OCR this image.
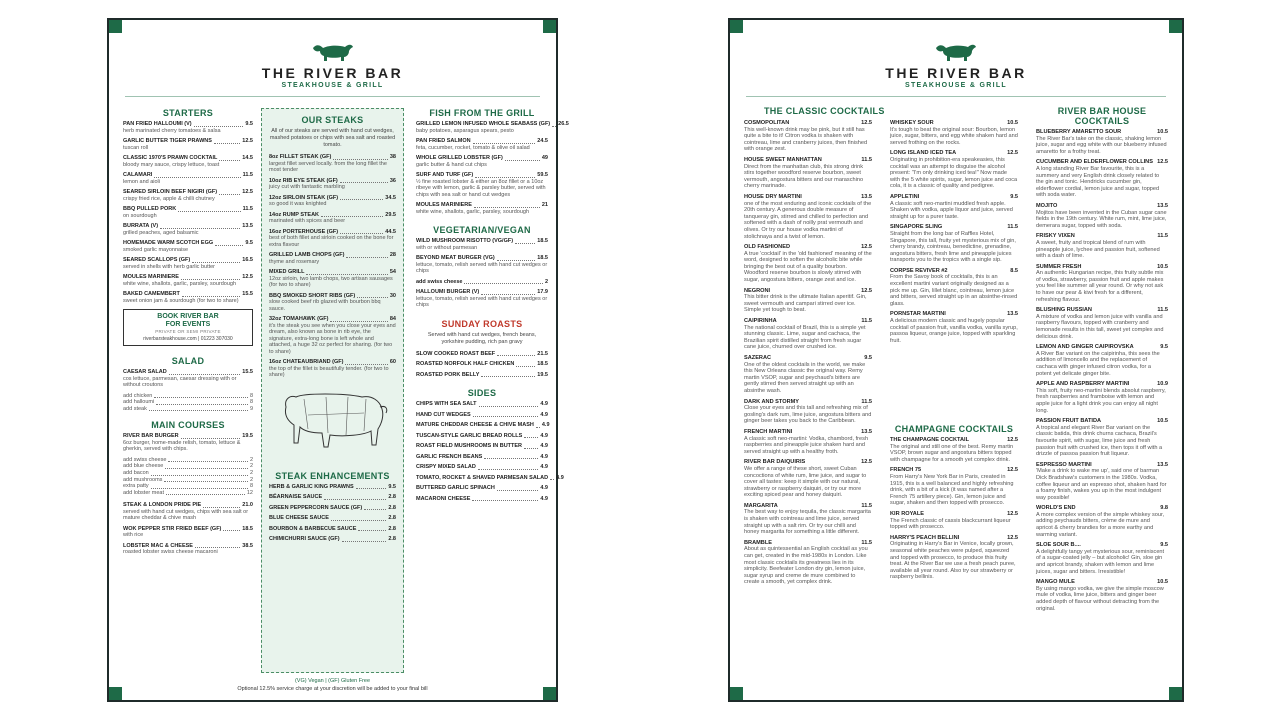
THE RIVER BAR
STEAKHOUSE & GRILL
STARTERS
PAN FRIED HALLOUMI (V)	9.5
herb marinated cherry tomatoes & salsa
GARLIC BUTTER TIGER PRAWNS	12.5
tuscan roll
CLASSIC 1970'S PRAWN COCKTAIL	14.5
bloody mary sauce, crispy lettuce, toast
CALAMARI	11.5
lemon and aioli
SEARED SIRLOIN BEEF NIGIRI (GF)	12.5
crispy fried rice, apple & chilli chutney
BBQ PULLED PORK	11.5
on sourdough
BURRATA (V)	13.5
grilled peaches, aged balsamic
HOMEMADE WARM SCOTCH EGG	9.5
smoked garlic mayonnaise
SEARED SCALLOPS (GF)	16.5
served in shells with herb garlic butter
MOULES MARINIERE	12.5
white wine, shallots, garlic, parsley, sourdough
BAKED CAMEMBERT	15.5
sweet onion jam & sourdough (for two to share)
BOOK RIVER BAR
FOR EVENTS
PRIVATE OR SEMI PRIVATE
riverbarsteakhouse.com | 01223 307030
SALAD
CAESAR SALAD	15.5
cos lettuce, parmesan, caesar dressing with or without croutons
add chicken	8
add halloumi	8
add steak	9
MAIN COURSES
RIVER BAR BURGER	19.5
6oz burger, home-made relish, tomato, lettuce & gherkin, served with chips.
add swiss cheese	2
add blue cheese	2
add bacon	2
add mushrooms	2
extra patty	8
add lobster meat	12
STEAK & LONDON PRIDE PIE	21.0
served with hand cut wedges, chips with sea salt or mature cheddar & chive mash
WOK PEPPER STIR FRIED BEEF (GF)	18.5
with rice
LOBSTER MAC & CHEESE	38.5
roasted lobster swiss cheese macaroni
OUR STEAKS
All of our steaks are served with hand cut wedges, mashed potatoes or chips with sea salt and roasted tomato.
8oz FILLET STEAK (GF)	38
largest fillet served locally. from the long fillet the most tender
10oz RIB EYE STEAK (GF)	36
juicy cut with fantastic marbling
12oz SIRLOIN STEAK (GF)	34.5
so good it was knighted
14oz RUMP STEAK	29.5
marinated with spices and beer
16oz PORTERHOUSE (GF)	44.5
best of both fillet and sirloin cooked on the bone for extra flavour
GRILLED LAMB CHOPS (GF)	28
thyme and rosemary
MIXED GRILL	54
12oz sirloin, two lamb chops, two artisan sausages (for two to share)
BBQ SMOKED SHORT RIBS (GF)	30
slow cooked beef rib glazed with bourbon bbq sauce.
32oz TOMAHAWK (GF)	84
it's the steak you see when you close your eyes and dream, also known as bone in rib eye, the signature, extra-long bone is left whole and attached, a huge 32 oz perfect for sharing. (for two to share)
16oz CHATEAUBRIAND (GF)	60
the top of the fillet is beautifully tender. (for two to share)
STEAK ENHANCEMENTS
HERB & GARLIC KING PRAWNS	9.5
BÉARNAISE SAUCE	2.8
GREEN PEPPERCORN SAUCE (GF)	2.8
BLUE CHEESE SAUCE	2.8
BOURBON & BARBECUE SAUCE	2.8
CHIMICHURRI SAUCE (GF)	2.8
FISH FROM THE GRILL
GRILLED LEMON INFUSED WHOLE SEABASS (GF) 26.5
baby potatoes, asparagus spears, pesto
PAN FRIED SALMON	24.5
feta, cucumber, rocket, tomato & olive oil salad
WHOLE GRILLED LOBSTER (GF)	49
garlic butter & hand cut chips
SURF AND TURF (GF)	59.5
½ fine roasted lobster & either an 8oz fillet or a 10oz ribeye with lemon, garlic & parsley butter, served with chips with sea salt or hand cut wedges
MOULES MARINIERE	21
white wine, shallots, garlic, parsley, sourdough
VEGETARIAN/VEGAN
WILD MUSHROOM RISOTTO (VG/GF)	18.5
with or without parmesan
BEYOND MEAT BURGER (VG)	18.5
lettuce, tomato, relish served with hand cut wedges or chips
add swiss cheese	2
HALLOUMI BURGER (V)	17.9
lettuce, tomato, relish served with hand cut wedges or chips
SUNDAY ROASTS
Served with hand cut wedges, french beans, yorkshire pudding, rich pan gravy
SLOW COOKED ROAST BEEF	21.5
ROASTED NORFOLK HALF CHICKEN	18.5
ROASTED PORK BELLY	19.5
SIDES
CHIPS WITH SEA SALT	4.9
HAND CUT WEDGES	4.9
MATURE CHEDDAR CHEESE & CHIVE MASH 4.9
TUSCAN-STYLE GARLIC BREAD ROLLS	4.9
ROAST FIELD MUSHROOMS IN BUTTER	4.9
GARLIC FRENCH BEANS	4.9
CRISPY MIXED SALAD	4.9
TOMATO, ROCKET & SHAVED PARMESAN SALAD 4.9
BUTTERED GARLIC SPINACH	4.9
MACARONI CHEESE	4.9
(VG) Vegan | (GF) Gluten Free
Optional 12.5% service charge at your discretion will be added to your final bill
THE RIVER BAR
STEAKHOUSE & GRILL
THE CLASSIC COCKTAILS
COSMOPOLITAN	12.5
This well-known drink may be pink, but it still has quite a bite to it! Citron vodka is shaken with cointreau, lime and cranberry juices, then finished with orange zest.
HOUSE SWEET MANHATTAN	11.5
Direct from the manhattan club, this strong drink stirs together woodford reserve bourbon, sweet vermouth, angostura bitters and our maraschino cherry marinade.
HOUSE DRY MARTINI	13.5
one of the most enduring and iconic cocktails of the 20th century. A generous double measure of tanqueray gin, stirred and chilled to perfection and softened with a dash of noilly prat vermouth and olives. Or try our house vodka martini of stolichnaya and a twist of lemon.
OLD FASHIONED	12.5
A true 'cocktail' in the 'old fashioned' meaning of the word, designed to soften the alcoholic bite while bringing the best out of a quality bourbon. Woodford reserve bourbon is slowly stirred with sugar, angostura bitters, orange zest and ice.
NEGRONI	12.5
This bitter drink is the ultimate Italian aperitif. Gin, sweet vermouth and campari stirred over ice. Simple yet tough to beat.
CAIPIRINHA	11.5
The national cocktail of Brazil, this is a simple yet stunning classic. Lime, sugar and cachaca, the Brazilian spirit distilled straight from fresh sugar cane juice, churned over crushed ice.
SAZERAC	9.5
One of the oldest cocktails in the world, we make this New Orleans classic the original way. Remy martin VSOP, sugar and peychaud's bitters are gently stirred then served straight up with an absinthe wash.
DARK AND STORMY	11.5
Close your eyes and this tall and refreshing mix of gosling's dark rum, lime juice, angostura bitters and ginger beer takes you back to the Caribbean.
FRENCH MARTINI	13.5
A classic soft neo-martini: Vodka, chambord, fresh raspberries and pineapple juice shaken hard and served straight up with a healthy froth.
RIVER BAR DAIQUIRIS	12.5
We offer a range of these short, sweet Cuban concoctions of white rum, lime juice, and sugar to cover all tastes: keep it simple with our natural, strawberry or raspberry daiquiri, or try our more exciting spiced pear and honey daiquiri.
MARGARITA	11.5
The best way to enjoy tequila, the classic margarita is shaken with cointreau and lime juice, served straight up with a salt rim. Or try our chilli and honey margarita for something a little different.
BRAMBLE	11.5
About as quintessential an English cocktail as you can get, created in the mid-1980s in London. Like most classic cocktails its greatness lies in its simplicity. Beefeater London dry gin, lemon juice, sugar syrup and creme de mure combined to create a smooth, yet complex drink.
WHISKEY SOUR	10.5
It's tough to beat the original sour: Bourbon, lemon juice, sugar, bitters, and egg white shaken hard and served frothing on the rocks.
LONG ISLAND ICED TEA	12.5
Originating in prohibition-era speakeasies, this cocktail was an attempt to disguise the alcohol present: "I'm only drinking iced tea!" Now made with the 5 white spirits, sugar, lemon juice and coca cola, it is a classic of quality and pedigree.
APPLETINI	9.5
A classic soft neo-martini muddled fresh apple. Shaken with vodka, apple liquor and juice, served straight up for a purer taste.
SINGAPORE SLING	11.5
Straight from the long bar of Raffles Hotel, Singapore, this tall, fruity yet mysterious mix of gin, cherry brandy, cointreau, benedictine, grenadine, angostura bitters, fresh lime and pineapple juices transports you to the tropics with a single sip.
CORPSE REVIVER #2	8.5
From the Savoy book of cocktails, this is an excellent martini variant originally designed as a pick me up. Gin, lillet blanc, cointreau, lemon juice and bitters, served straight up in an absinthe-rinsed glass.
PORNSTAR MARTINI	13.5
A delicious modern classic and hugely popular cocktail of passion fruit, vanilla vodka, vanilla syrup, passoa liqueur, orange juice, topped with sparkling fruit.
CHAMPAGNE COCKTAILS
THE CHAMPAGNE COCKTAIL	12.5
The original and still one of the best. Remy martin VSOP, brown sugar and angostura bitters topped with champagne for a smooth yet complex drink.
FRENCH 75	12.5
From Harry's New York Bar in Paris, created in 1915, this is a well balanced and highly refreshing drink, with a bit of a kick (it was named after a French 75 artillery piece). Gin, lemon juice and sugar, shaken and then topped with prosecco.
KIR ROYALE	12.5
The French classic of cassis blackcurrant liqueur topped with prosecco.
HARRY'S PEACH BELLINI	12.5
Originating in Harry's Bar in Venice, locally grown, seasonal white peaches were pulped, squeezed and topped with prosecco, to produce this fruity treat. At the River Bar we use a fresh peach puree, available all year round. Also try our strawberry or raspberry bellinis.
RIVER BAR HOUSE COCKTAILS
BLUEBERRY AMARETTO SOUR	10.5
The River Bar's take on the classic, shaking lemon juice, sugar and egg white with our blueberry infused amaretto for a frothy treat.
CUCUMBER AND ELDERFLOWER COLLINS 12.5
A long standing River Bar favourite, this is a summery and very English drink closely related to the gin and tonic. Hendricks cucumber gin, elderflower cordial, lemon juice and sugar, topped with soda water.
MOJITO	13.5
Mojitos have been invented in the Cuban sugar cane fields in the 19th century. White rum, mint, lime juice, demerara sugar, topped with soda.
FRISKY VIXEN	11.5
A sweet, fruity and tropical blend of rum with pineapple juice, lychee and passion fruit, softened with a dash of lime.
SUMMER FRESH	10.5
An authentic Hungarian recipe, this fruity subtle mix of vodka, strawberry, passion fruit and apple makes you feel like summer all year round. Or why not ask to have our pear & kiwi fresh for a different, refreshing flavour.
BLUSHING RUSSIAN	11.5
A mixture of vodka and lemon juice with vanilla and raspberry flavours, topped with cranberry and lemonade results in this tall, sweet yet complex and delicious drink.
LEMON AND GINGER CAIPIROVSKA	9.5
A River Bar variant on the caipirinha, this sees the addition of limoncello and the replacement of cachaca with ginger infused citron vodka, for a potent yet delicate ginger bite.
APPLE AND RASPBERRY MARTINI	10.9
This soft, fruity neo-martini blends absolut raspberry, fresh raspberries and framboise with lemon and apple juice for a light drink you can enjoy all night long.
PASSION FRUIT BATIDA	10.5
A tropical and elegant River Bar variant on the classic batida, this drink churns cachaca, Brazil's favourite spirit, with sugar, lime juice and fresh passion fruit with crushed ice, then tops it off with a drizzle of passoa passion fruit liqueur.
ESPRESSO MARTINI	13.5
'Make a drink to wake me up', said one of barman Dick Bradshaw's customers in the 1980s. Vodka, coffee liqueur and an espresso shot, shaken hard for a foamy finish, wakes you up in the most indulgent way possible!
WORLD'S END	9.8
A more complex version of the simple whiskey sour, adding peychauds bitters, crème de mure and apricot & cherry brandies for a more earthy and warming variant.
SLOE SOUR B....	9.5
A delightfully tangy yet mysterious sour, reminiscent of a sugar-coated jelly – but alcoholic! Gin, sloe gin and apricot brandy, shaken with lemon and lime juices, sugar and bitters. Irresistible!
MANGO MULE	10.5
By using mango vodka, we give the simple moscow mule of vodka, lime juice, bitters and ginger beer added depth of flavour without detracting from the original.
